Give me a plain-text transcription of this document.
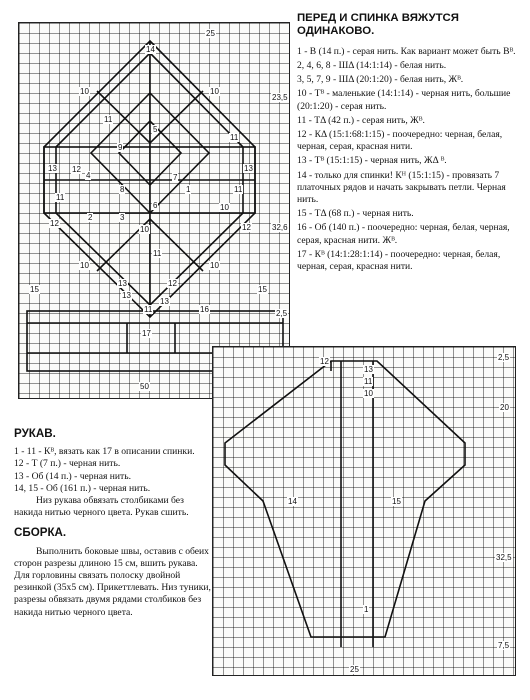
14
12
10
11
9
5
4	7
8	1
6
3
2
10
11
13	13
11
10
11
12
13
11
10
10	10
13
13
12
11
12
15
16
17
15
25
23,5
32,6
2,5
50
ПЕРЕД И СПИНКА ВЯЖУТСЯ ОДИНАКОВО.

1 - В (14 п.) - серая нить. Как вариант может быть Вᴮ.

2, 4, 6, 8 - ШΔ (14:1:14) - белая нить.

3, 5, 7, 9 - ШΔ (20:1:20) - белая нить, Жᴮ.

10 - Тᴮ - маленькие (14:1:14) - черная нить, большие (20:1:20) - серая нить.

11 - ТΔ (42 п.) - серая нить, Жᴮ.

12 - КΔ (15:1:68:1:15) - поочередно: черная, белая, черная, серая, красная нити.

13 - Тᴮ (15:1:15) - черная нить, ЖΔ ᴮ.

14 - только для спинки! Кᴴ (15:1:15) - провязать 7 платочных рядов и начать закрывать петли. Черная нить.

15 - ТΔ (68 п.) - черная нить.

16 - Об (140 п.) - поочередно: черная, белая, черная, серая, красная нити. Жᴮ.

17 - Кᴮ (14:1:28:1:14) - поочередно: черная, белая, черная, серая, красная нити.

12
13
11
10
14	15
1
2,5
20
32,5
7,5
25
РУКАВ.

1 - 11 - Кᴮ, вязать как 17 в описании спинки.

12 - Т (7 п.) - черная нить.

13 - Об (14 п.) - черная нить.

14, 15 - Об (161 п.) - черная нить.

Низ рукава обвязать столбиками без накида нитью черного цвета. Рукав сшить.

СБОРКА.

Выполнить боковые швы, оставив с обеих сторон разрезы длиною 15 см, вшить рукава. Для горловины связать полоску двойной резинкой (35x5 см). Прикеттлевать. Низ туники, разрезы обвязать двумя рядами столбиков без накида нитью черного цвета.
